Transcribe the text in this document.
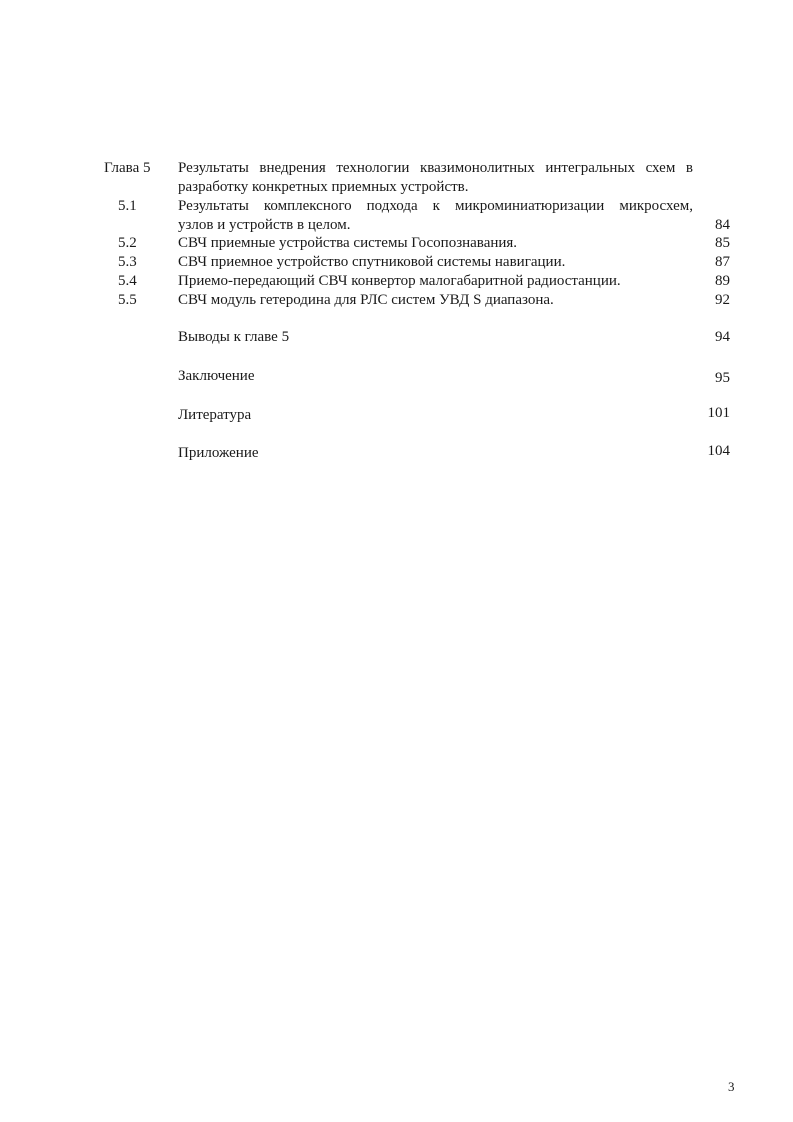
Глава 5 Результаты внедрения технологии квазимонолитных интегральных схем в
разработку конкретных приемных устройств.
5.1	Результаты комплексного подхода к микроминиатюризации микросхем,
узлов и устройств в целом.	84
5.2	СВЧ приемные устройства системы Госопознавания.	85
5.3	СВЧ приемное устройство спутниковой системы навигации.	87
5.4	Приемо-передающий СВЧ конвертор малогабаритной радиостанции.	89
5.5	СВЧ модуль гетеродина для РЛС систем УВД S диапазона.	92
Выводы к главе 5	94
Заключение	95
Литература	101
Приложение	104
3
